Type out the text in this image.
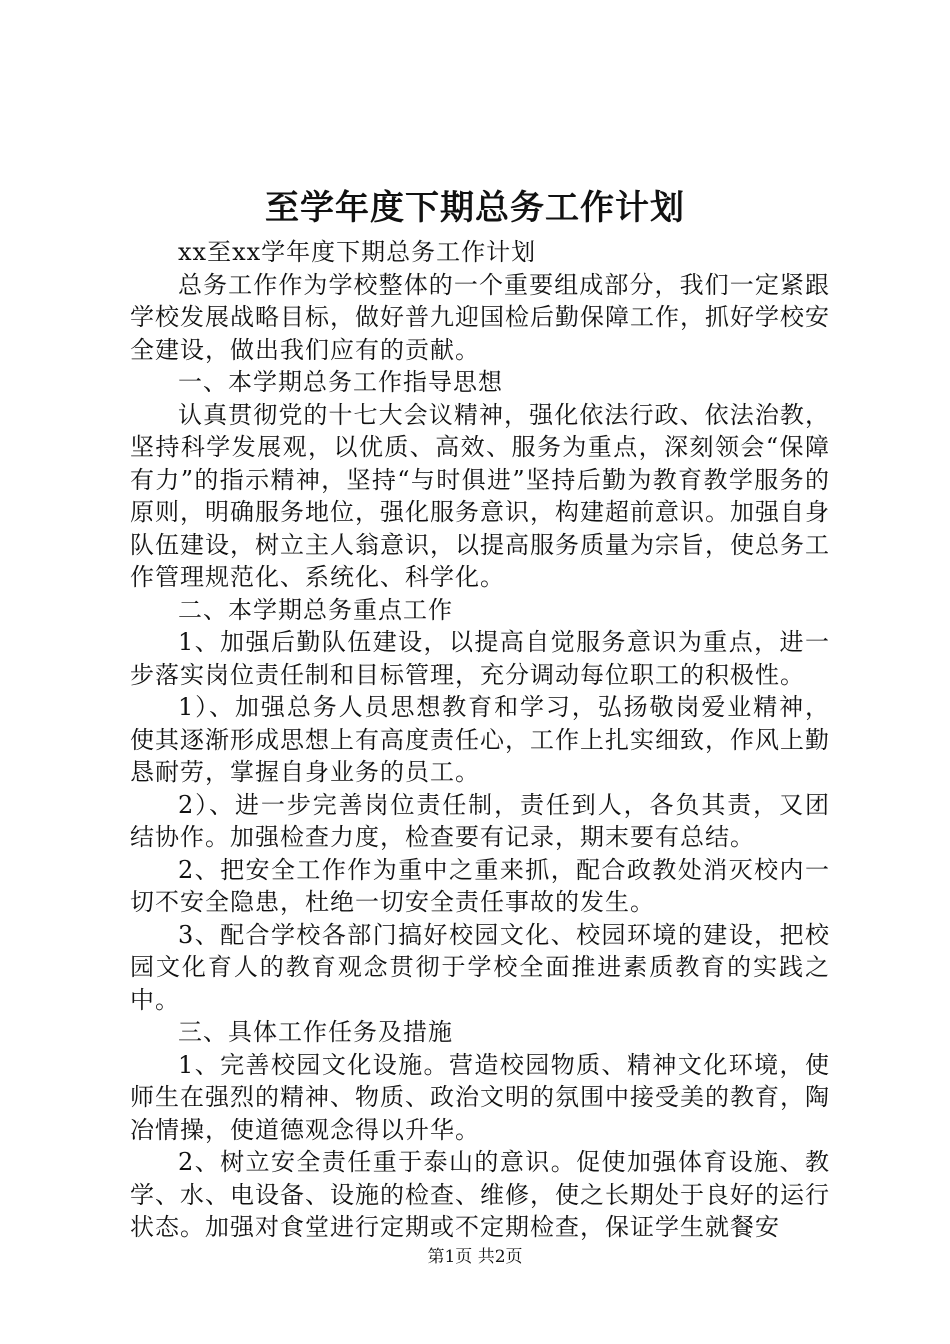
至学年度下期总务工作计划

xx至xx学年度下期总务工作计划

总务工作作为学校整体的一个重要组成部分，我们一定紧跟学校发展战略目标，做好普九迎国检后勤保障工作，抓好学校安全建设，做出我们应有的贡献。

一、本学期总务工作指导思想

认真贯彻党的十七大会议精神，强化依法行政、依法治教，坚持科学发展观，以优质、高效、服务为重点，深刻领会“保障有力”的指示精神，坚持“与时俱进”坚持后勤为教育教学服务的原则，明确服务地位，强化服务意识，构建超前意识。加强自身队伍建设，树立主人翁意识，以提高服务质量为宗旨，使总务工作管理规范化、系统化、科学化。

二、本学期总务重点工作

1、加强后勤队伍建设，以提高自觉服务意识为重点，进一步落实岗位责任制和目标管理，充分调动每位职工的积极性。

1）、加强总务人员思想教育和学习，弘扬敬岗爱业精神，使其逐渐形成思想上有高度责任心，工作上扎实细致，作风上勤恳耐劳，掌握自身业务的员工。

2）、进一步完善岗位责任制，责任到人，各负其责，又团结协作。加强检查力度，检查要有记录，期末要有总结。

2、把安全工作作为重中之重来抓，配合政教处消灭校内一切不安全隐患，杜绝一切安全责任事故的发生。

3、配合学校各部门搞好校园文化、校园环境的建设，把校园文化育人的教育观念贯彻于学校全面推进素质教育的实践之中。

三、具体工作任务及措施

1、完善校园文化设施。营造校园物质、精神文化环境，使师生在强烈的精神、物质、政治文明的氛围中接受美的教育，陶冶情操，使道德观念得以升华。

2、树立安全责任重于泰山的意识。促使加强体育设施、教学、水、电设备、设施的检查、维修，使之长期处于良好的运行状态。加强对食堂进行定期或不定期检查，保证学生就餐安

第1页 共2页
